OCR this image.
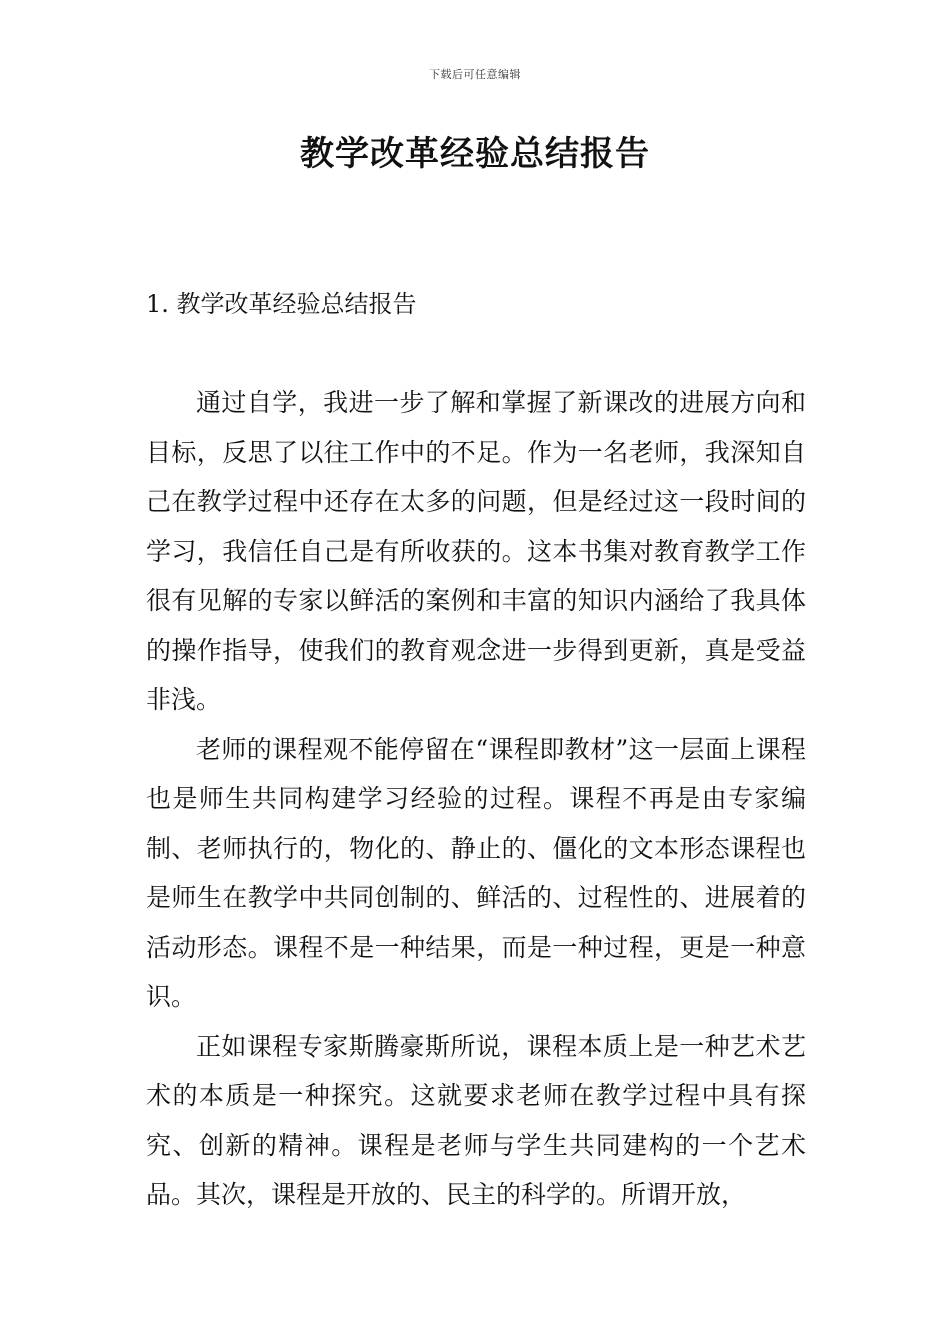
下载后可任意编辑
教学改革经验总结报告
1. 教学改革经验总结报告

通过自学，我进一步了解和掌握了新课改的进展方向和目标，反思了以往工作中的不足。作为一名老师，我深知自己在教学过程中还存在太多的问题，但是经过这一段时间的学习，我信任自己是有所收获的。这本书集对教育教学工作很有见解的专家以鲜活的案例和丰富的知识内涵给了我具体的操作指导，使我们的教育观念进一步得到更新，真是受益非浅。

老师的课程观不能停留在“课程即教材”这一层面上课程也是师生共同构建学习经验的过程。课程不再是由专家编制、老师执行的，物化的、静止的、僵化的文本形态课程也是师生在教学中共同创制的、鲜活的、过程性的、进展着的活动形态。课程不是一种结果，而是一种过程，更是一种意识。

正如课程专家斯腾豪斯所说，课程本质上是一种艺术艺术的本质是一种探究。这就要求老师在教学过程中具有探究、创新的精神。课程是老师与学生共同建构的一个艺术品。其次，课程是开放的、民主的科学的。所谓开放，
